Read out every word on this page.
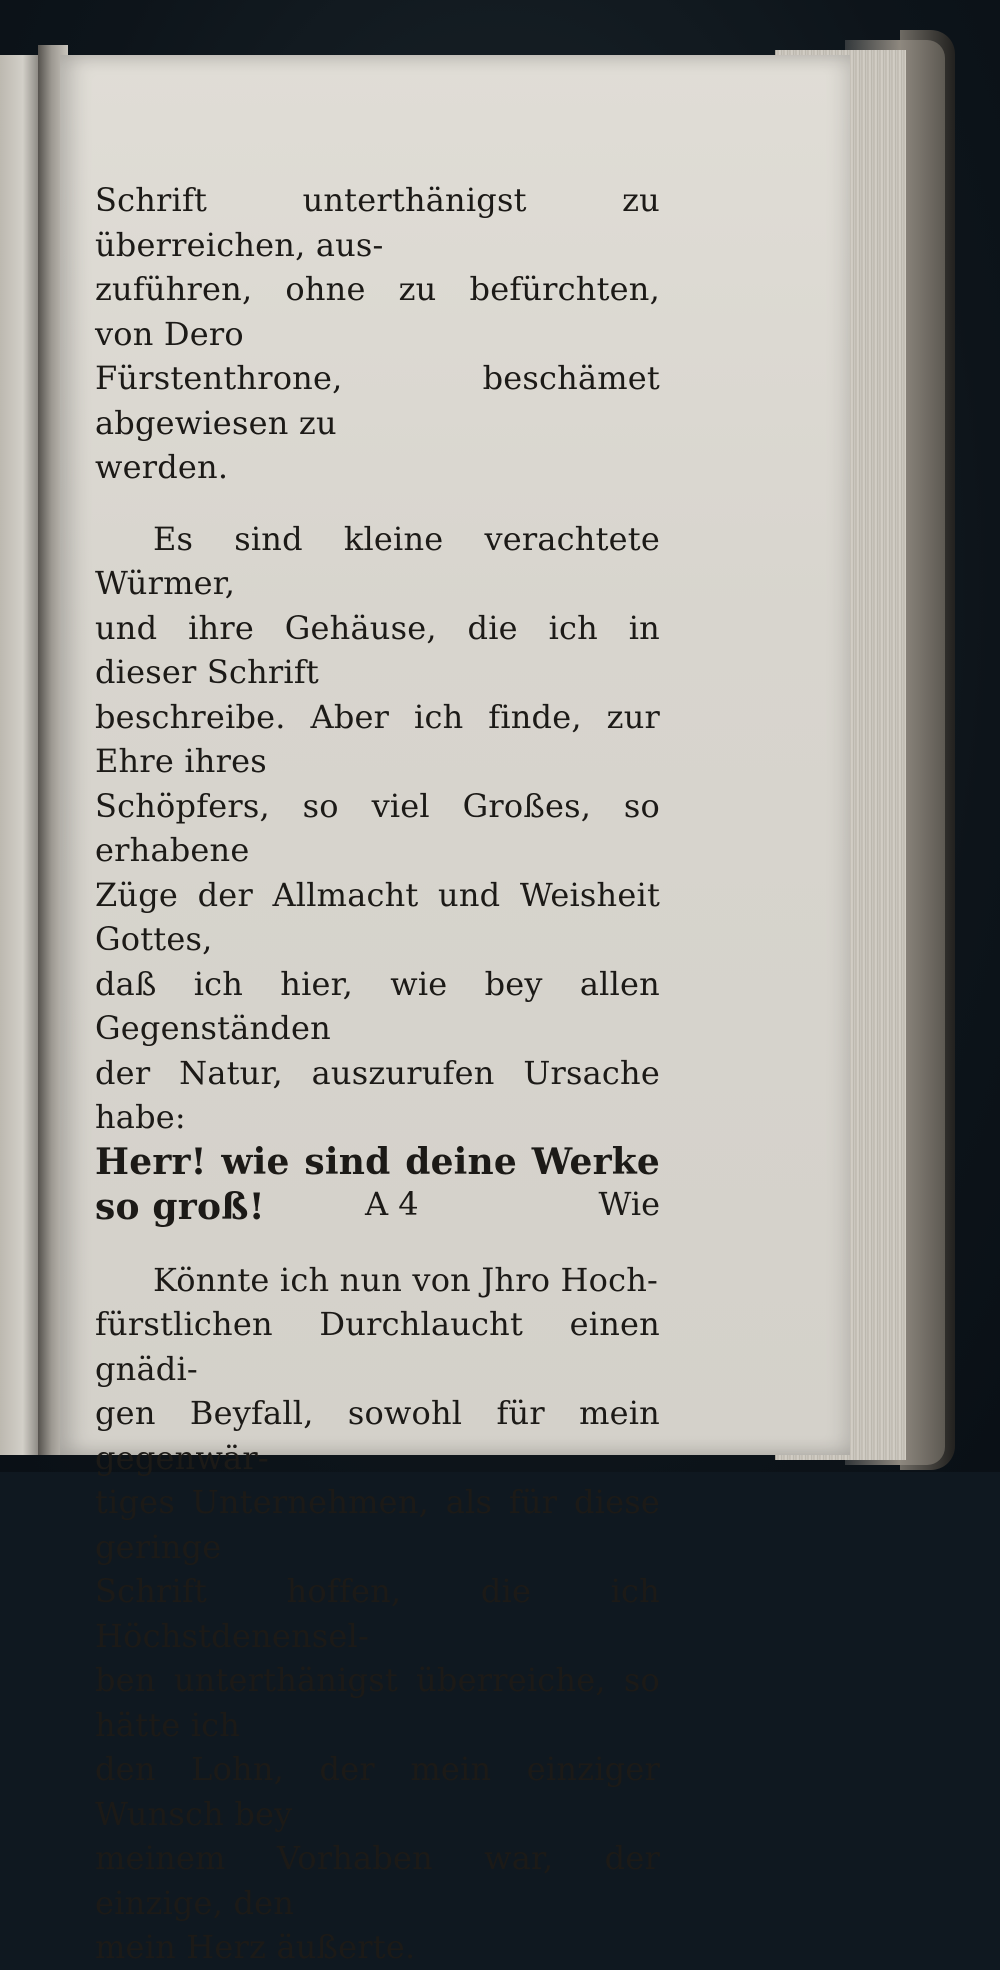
Schrift unterthänigst zu überreichen, aus-
zuführen, ohne zu befürchten, von Dero
Fürstenthrone, beschämet abgewiesen zu
werden.

Es sind kleine verachtete Würmer,
und ihre Gehäuse, die ich in dieser Schrift
beschreibe. Aber ich finde, zur Ehre ihres
Schöpfers, so viel Großes, so erhabene
Züge der Allmacht und Weisheit Gottes,
daß ich hier, wie bey allen Gegenständen
der Natur, auszurufen Ursache habe:
Herr! wie sind deine Werke so groß!

Könnte ich nun von Jhro Hoch-
fürstlichen Durchlaucht einen gnädi-
gen Beyfall, sowohl für mein gegenwär-
tiges Unternehmen, als für diese geringe
Schrift hoffen, die ich Höchstdenensel-
ben unterthänigst überreiche, so hätte ich
den Lohn, der mein einziger Wunsch bey
meinem Vorhaben war, der einzige, den
mein Herz äußerte.

A 4	Wie
